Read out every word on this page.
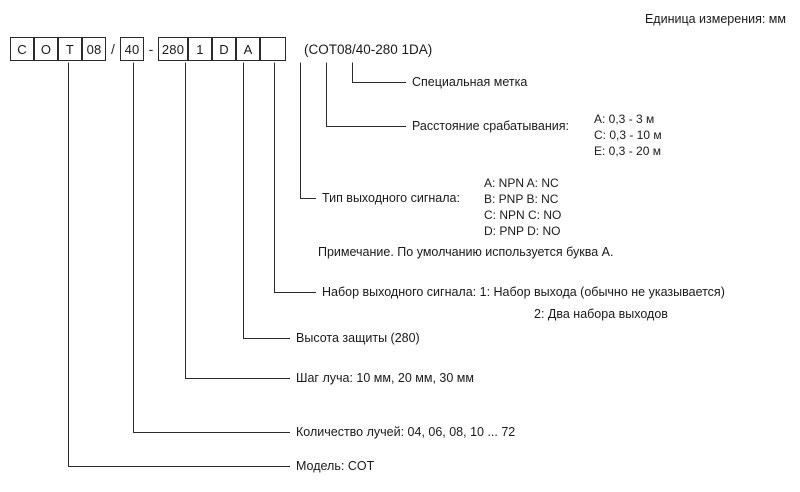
Единица измерения: мм
C	O	T 08 / 40 - 280 1	D	A	(COT08/40-280 1DA)
Специальная метка
Расстояние срабатывания: A: 0,3 - 3 м
C: 0,3 - 10 м
E: 0,3 - 20 м
Тип выходного сигнала:
A: NPN A: NC
B: PNP B: NC
C: NPN C: NO
D: PNP D: NO
Примечание. По умолчанию используется буква A.
Набор выходного сигнала: 1: Набор выхода (обычно не указывается)
2: Два набора выходов
Высота защиты (280)
Шаг луча: 10 мм, 20 мм, 30 мм
Количество лучей: 04, 06, 08, 10 ... 72
Модель: COT
